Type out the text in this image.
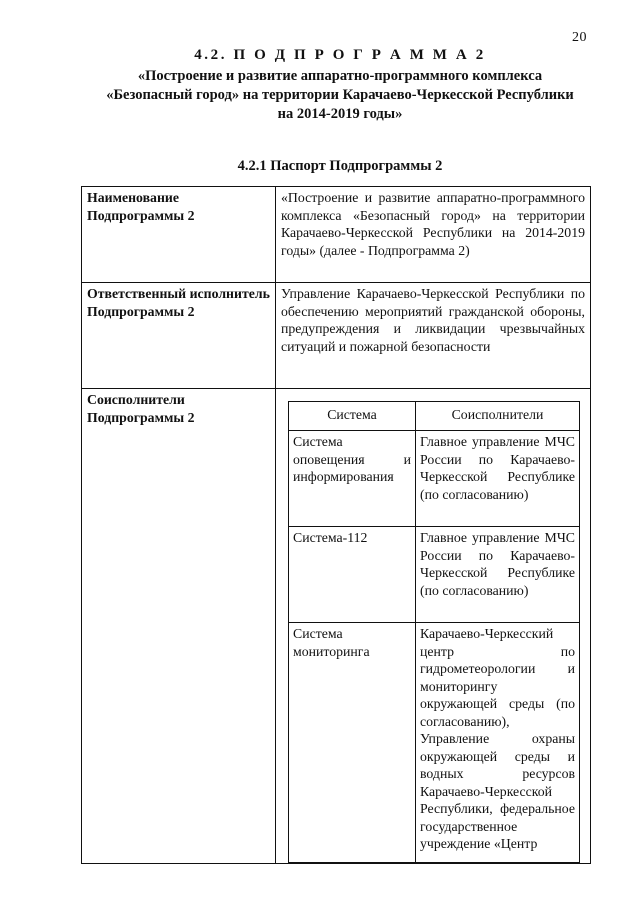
20
4.2. П О Д П Р О Г Р А М М А 2
«Построение и развитие аппаратно-программного комплекса
«Безопасный город» на территории Карачаево-Черкесской Республики
на 2014-2019 годы»
4.2.1 Паспорт Подпрограммы 2
Наименование Подпрограммы 2	«Построение и развитие аппаратно-программного комплекса «Безопасный город» на территории Карачаево-Черкесской Республики на 2014-2019 годы» (далее - Подпрограмма 2)
Ответственный исполнитель Подпрограммы 2	Управление Карачаево-Черкесской Республики по обеспечению мероприятий гражданской обороны, предупреждения и ликвидации чрезвычайных ситуаций и пожарной безопасности
Соисполнители Подпрограммы 2		Система	Соисполнители
Система оповещения и информирования	Главное управление МЧС России по Карачаево-Черкесской Республике (по согласованию)
Система-112	Главное управление МЧС России по Карачаево-Черкесской Республике (по согласованию)
Система мониторинга	Карачаево-Черкесский центр по гидрометеорологии и мониторингу окружающей среды (по согласованию), Управление охраны окружающей среды и водных ресурсов Карачаево-Черкесской Республики, федеральное государственное учреждение «Центр
